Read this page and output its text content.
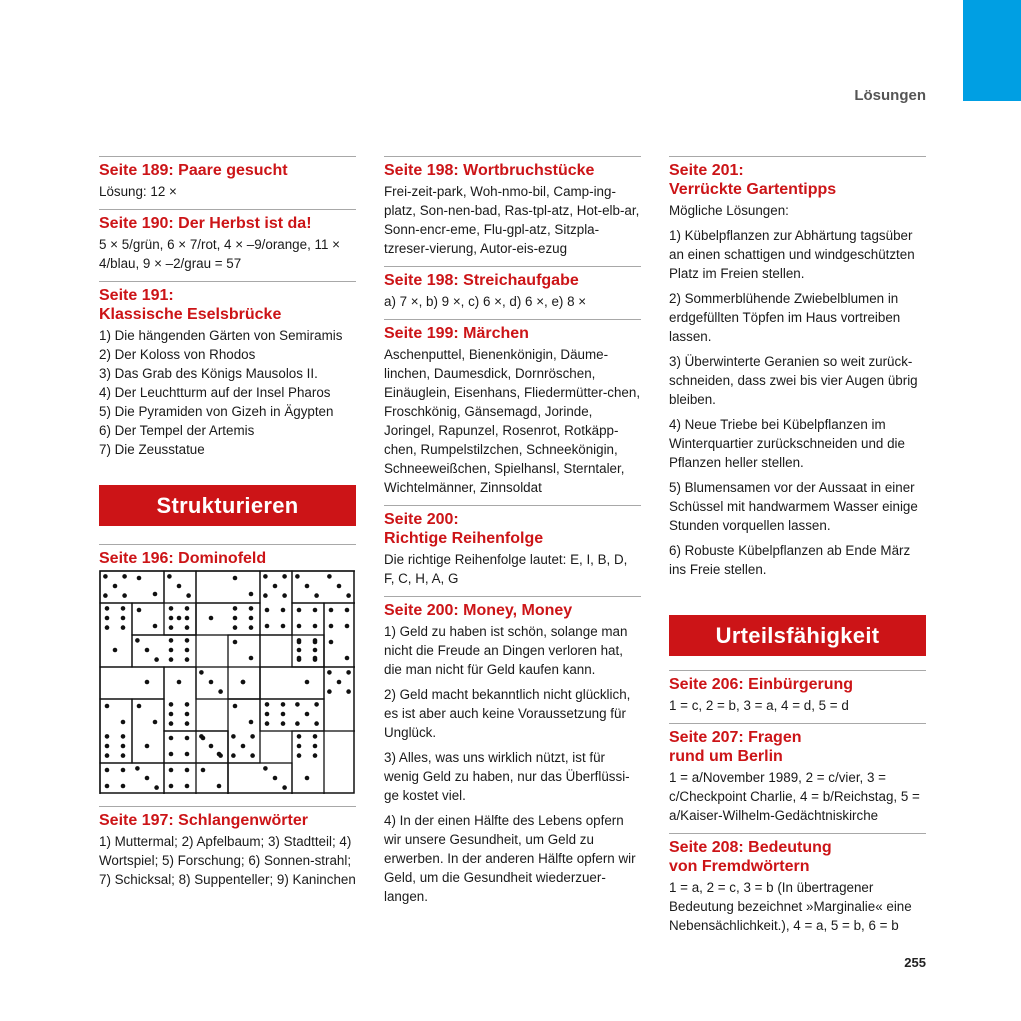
Lösungen
Seite 189: Paare gesucht

Lösung: 12 ×

Seite 190: Der Herbst ist da!

5 × 5/grün, 6 × 7/rot, 4 × –9/orange, 11 × 4/blau, 9 × –2/grau = 57

Seite 191:
Klassische Eselsbrücke
1) Die hängenden Gärten von Semiramis
2) Der Koloss von Rhodos
3) Das Grab des Königs Mausolos II.
4) Der Leuchtturm auf der Insel Pharos
5) Die Pyramiden von Gizeh in Ägypten
6) Der Tempel der Artemis
7) Die Zeusstatue
Strukturieren
Seite 196: Dominofeld
Seite 197: Schlangenwörter

1) Muttermal; 2) Apfelbaum; 3) Stadtteil; 4) Wortspiel; 5) Forschung; 6) Sonnen-strahl; 7) Schicksal; 8) Suppenteller; 9) Kaninchen

Seite 198: Wortbruchstücke

Frei-zeit-park, Woh-nmo-bil, Camp-ing-platz, Son-nen-bad, Ras-tpl-atz, Hot-elb-ar, Sonn-encr-eme, Flu-gpl-atz, Sitzpla-tzreser-vierung, Autor-eis-ezug

Seite 198: Streichaufgabe

a) 7 ×, b) 9 ×, c) 6 ×, d) 6 ×, e) 8 ×

Seite 199: Märchen

Aschenputtel, Bienenkönigin, Däume-linchen, Daumesdick, Dornröschen, Einäuglein, Eisenhans, Fliedermütter-chen, Froschkönig, Gänsemagd, Jorinde, Joringel, Rapunzel, Rosenrot, Rotkäpp-chen, Rumpelstilzchen, Schneekönigin, Schneeweißchen, Spielhansl, Sterntaler, Wichtelmänner, Zinnsoldat

Seite 200:
Richtige Reihenfolge

Die richtige Reihenfolge lautet: E, I, B, D, F, C, H, A, G

Seite 200: Money, Money

1) Geld zu haben ist schön, solange man nicht die Freude an Dingen verloren hat, die man nicht für Geld kaufen kann.

2) Geld macht bekanntlich nicht glücklich, es ist aber auch keine Voraussetzung für Unglück.

3) Alles, was uns wirklich nützt, ist für wenig Geld zu haben, nur das Überflüssi-ge kostet viel.

4) In der einen Hälfte des Lebens opfern wir unsere Gesundheit, um Geld zu erwerben. In der anderen Hälfte opfern wir Geld, um die Gesundheit wiederzuer-langen.

Seite 201:
Verrückte Gartentipps

Mögliche Lösungen:

1) Kübelpflanzen zur Abhärtung tagsüber an einen schattigen und windgeschützten Platz im Freien stellen.

2) Sommerblühende Zwiebelblumen in erdgefüllten Töpfen im Haus vortreiben lassen.

3) Überwinterte Geranien so weit zurück-schneiden, dass zwei bis vier Augen übrig bleiben.

4) Neue Triebe bei Kübelpflanzen im Winterquartier zurückschneiden und die Pflanzen heller stellen.

5) Blumensamen vor der Aussaat in einer Schüssel mit handwarmem Wasser einige Stunden vorquellen lassen.

6) Robuste Kübelpflanzen ab Ende März ins Freie stellen.

Urteilsfähigkeit
Seite 206: Einbürgerung

1 = c, 2 = b, 3 = a, 4 = d, 5 = d

Seite 207: Fragen
rund um Berlin

1 = a/November 1989, 2 = c/vier, 3 = c/Checkpoint Charlie, 4 = b/Reichstag, 5 = a/Kaiser-Wilhelm-Gedächtniskirche

Seite 208: Bedeutung
von Fremdwörtern

1 = a, 2 = c, 3 = b (In übertragener Bedeutung bezeichnet »Marginalie« eine Nebensächlichkeit.), 4 = a, 5 = b, 6 = b

255
